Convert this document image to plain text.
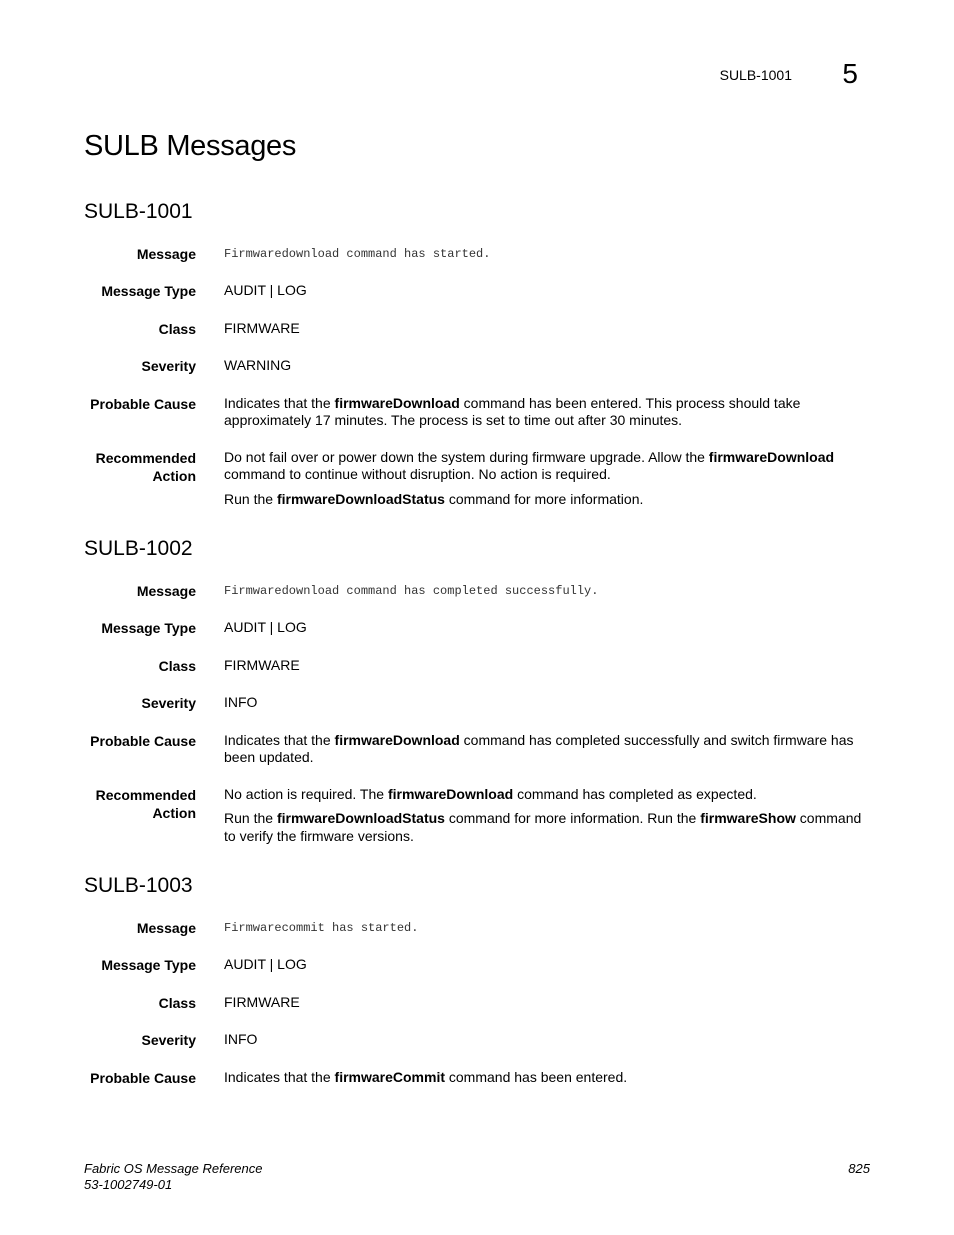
SULB-1001 5
SULB Messages
SULB-1001
Message Firmwaredownload command has started.
Message Type AUDIT | LOG
Class FIRMWARE
Severity WARNING
Probable Cause Indicates that the firmwareDownload command has been entered. This process should take approximately 17 minutes. The process is set to time out after 30 minutes.
Recommended
Action

Do not fail over or power down the system during firmware upgrade. Allow the firmwareDownload command to continue without disruption. No action is required.

Run the firmwareDownloadStatus command for more information.

SULB-1002
Message Firmwaredownload command has completed successfully.
Message Type AUDIT | LOG
Class FIRMWARE
Severity INFO
Probable Cause Indicates that the firmwareDownload command has completed successfully and switch firmware has been updated.
Recommended
Action

No action is required. The firmwareDownload command has completed as expected.

Run the firmwareDownloadStatus command for more information. Run the firmwareShow command to verify the firmware versions.

SULB-1003
Message Firmwarecommit has started.
Message Type AUDIT | LOG
Class FIRMWARE
Severity INFO
Probable Cause Indicates that the firmwareCommit command has been entered.
Fabric OS Message Reference
53-1002749-01
825
